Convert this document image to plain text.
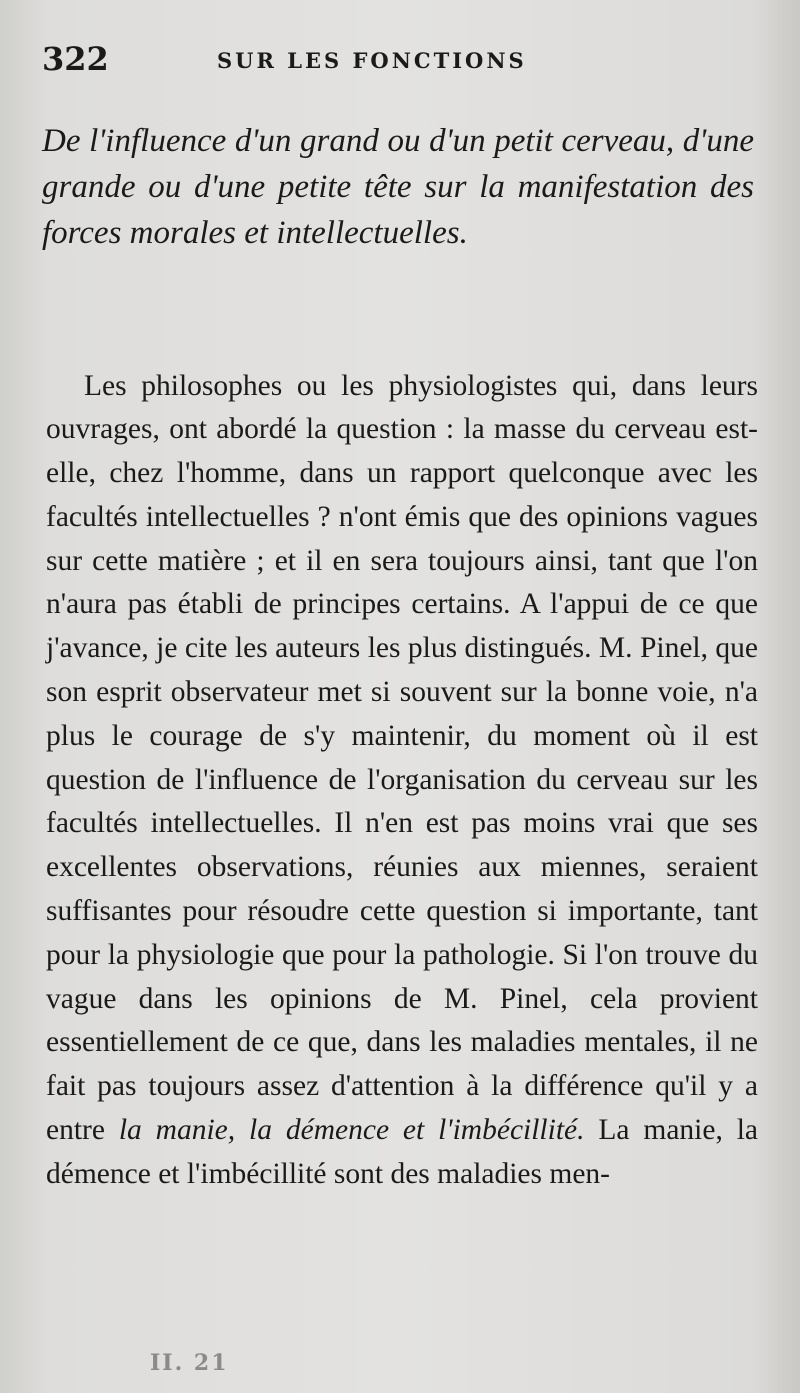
322	SUR LES FONCTIONS
De l'influence d'un grand ou d'un petit cerveau, d'une grande ou d'une petite tête sur la manifestation des forces morales et intellectuelles.

Les philosophes ou les physiologistes qui, dans leurs ouvrages, ont abordé la question : la masse du cerveau est-elle, chez l'homme, dans un rapport quelconque avec les facultés intellectuelles ? n'ont émis que des opinions vagues sur cette matière ; et il en sera toujours ainsi, tant que l'on n'aura pas établi de principes certains. A l'appui de ce que j'avance, je cite les auteurs les plus distingués. M. Pinel, que son esprit observateur met si souvent sur la bonne voie, n'a plus le courage de s'y maintenir, du moment où il est question de l'influence de l'organisation du cerveau sur les facultés intellectuelles. Il n'en est pas moins vrai que ses excellentes observations, réunies aux miennes, seraient suffisantes pour résoudre cette question si importante, tant pour la physiologie que pour la pathologie. Si l'on trouve du vague dans les opinions de M. Pinel, cela provient essentiellement de ce que, dans les maladies mentales, il ne fait pas toujours assez d'attention à la différence qu'il y a entre la manie, la démence et l'imbécillité. La manie, la démence et l'imbécillité sont des maladies men-

II. 21
